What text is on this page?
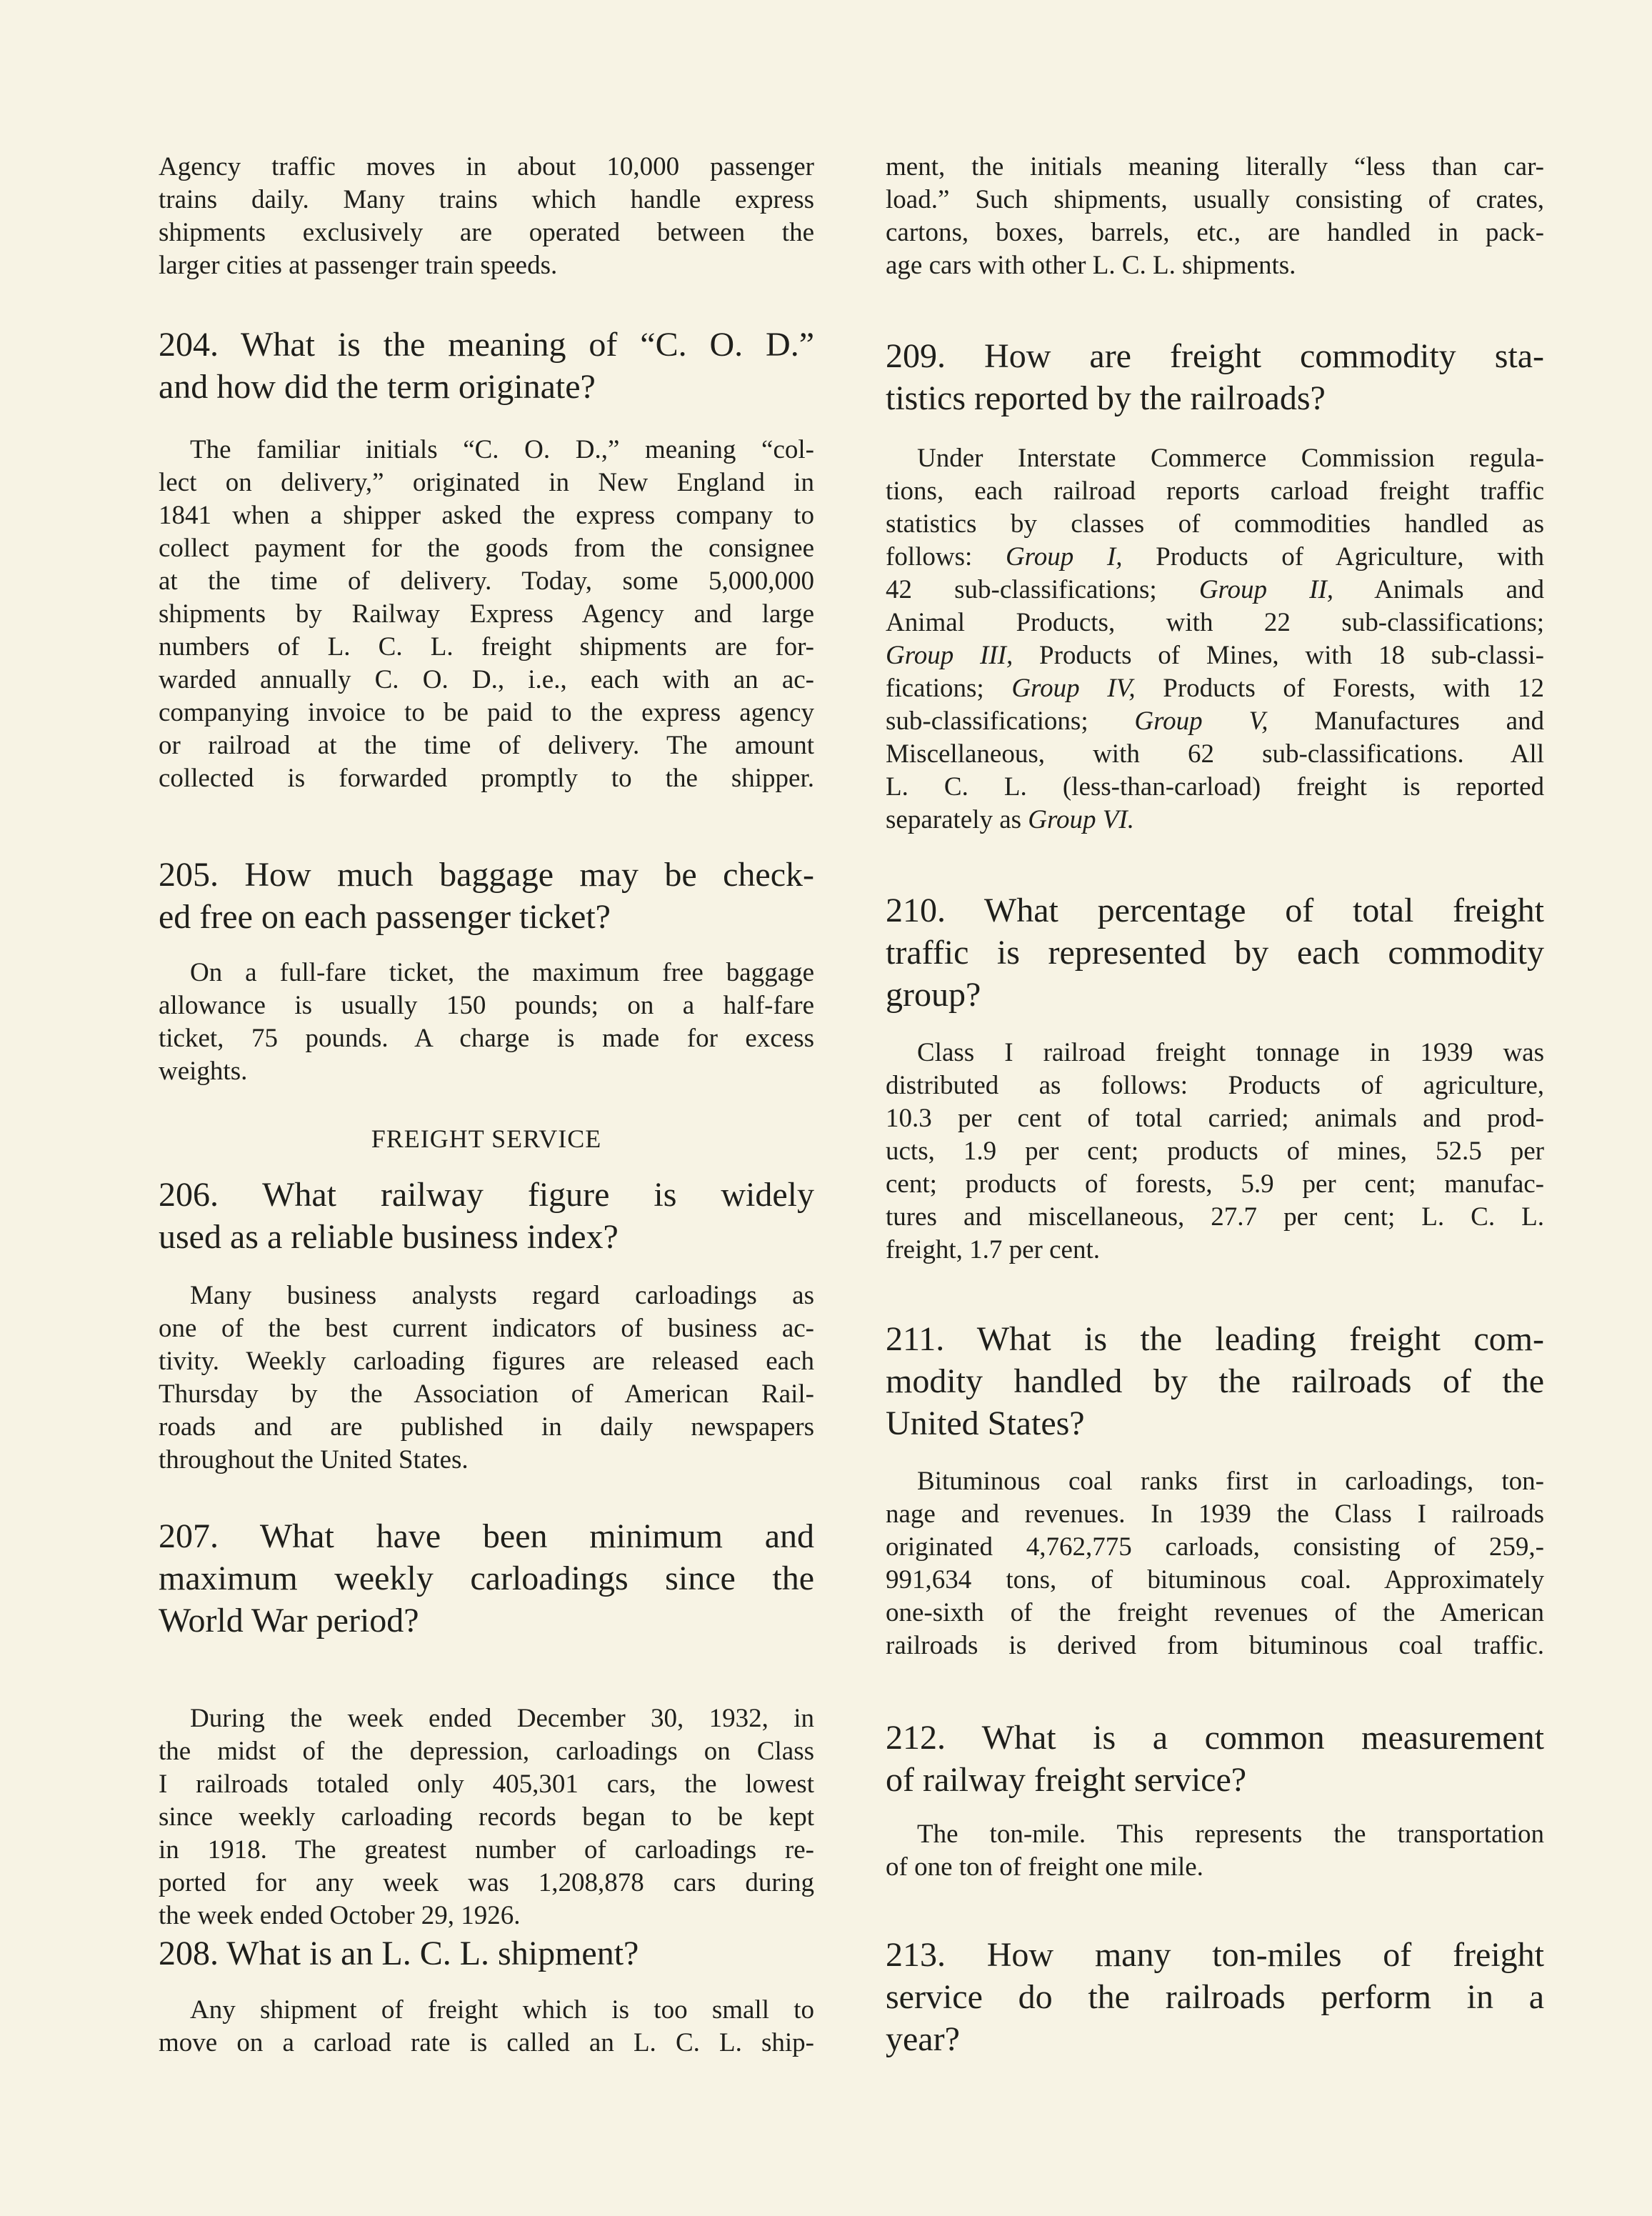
Agency traffic moves in about 10,000 passenger
trains daily. Many trains which handle express
shipments exclusively are operated between the
larger cities at passenger train speeds.
204. What is the meaning of “C. O. D.”
and how did the term originate?
The familiar initials “C. O. D.,” meaning “col-
lect on delivery,” originated in New England in
1841 when a shipper asked the express company to
collect payment for the goods from the consignee
at the time of delivery. Today, some 5,000,000
shipments by Railway Express Agency and large
numbers of L. C. L. freight shipments are for-
warded annually C. O. D., i.e., each with an ac-
companying invoice to be paid to the express agency
or railroad at the time of delivery. The amount
collected is forwarded promptly to the shipper.
205. How much baggage may be check-
ed free on each passenger ticket?
On a full-fare ticket, the maximum free baggage
allowance is usually 150 pounds; on a half-fare
ticket, 75 pounds. A charge is made for excess
weights.
FREIGHT SERVICE
206. What railway figure is widely
used as a reliable business index?
Many business analysts regard carloadings as
one of the best current indicators of business ac-
tivity. Weekly carloading figures are released each
Thursday by the Association of American Rail-
roads and are published in daily newspapers
throughout the United States.
207. What have been minimum and
maximum weekly carloadings since the
World War period?
During the week ended December 30, 1932, in
the midst of the depression, carloadings on Class
I railroads totaled only 405,301 cars, the lowest
since weekly carloading records began to be kept
in 1918. The greatest number of carloadings re-
ported for any week was 1,208,878 cars during
the week ended October 29, 1926.
208. What is an L. C. L. shipment?
Any shipment of freight which is too small to
move on a carload rate is called an L. C. L. ship-
ment, the initials meaning literally “less than car-
load.” Such shipments, usually consisting of crates,
cartons, boxes, barrels, etc., are handled in pack-
age cars with other L. C. L. shipments.
209. How are freight commodity sta-
tistics reported by the railroads?
Under Interstate Commerce Commission regula-
tions, each railroad reports carload freight traffic
statistics by classes of commodities handled as
follows: Group I, Products of Agriculture, with
42 sub-classifications; Group II, Animals and
Animal Products, with 22 sub-classifications;
Group III, Products of Mines, with 18 sub-classi-
fications; Group IV, Products of Forests, with 12
sub-classifications; Group V, Manufactures and
Miscellaneous, with 62 sub-classifications. All
L. C. L. (less-than-carload) freight is reported
separately as Group VI.
210. What percentage of total freight
traffic is represented by each commodity
group?
Class I railroad freight tonnage in 1939 was
distributed as follows: Products of agriculture,
10.3 per cent of total carried; animals and prod-
ucts, 1.9 per cent; products of mines, 52.5 per
cent; products of forests, 5.9 per cent; manufac-
tures and miscellaneous, 27.7 per cent; L. C. L.
freight, 1.7 per cent.
211. What is the leading freight com-
modity handled by the railroads of the
United States?
Bituminous coal ranks first in carloadings, ton-
nage and revenues. In 1939 the Class I railroads
originated 4,762,775 carloads, consisting of 259,-
991,634 tons, of bituminous coal. Approximately
one-sixth of the freight revenues of the American
railroads is derived from bituminous coal traffic.
212. What is a common measurement
of railway freight service?
The ton-mile. This represents the transportation
of one ton of freight one mile.
213. How many ton-miles of freight
service do the railroads perform in a
year?
